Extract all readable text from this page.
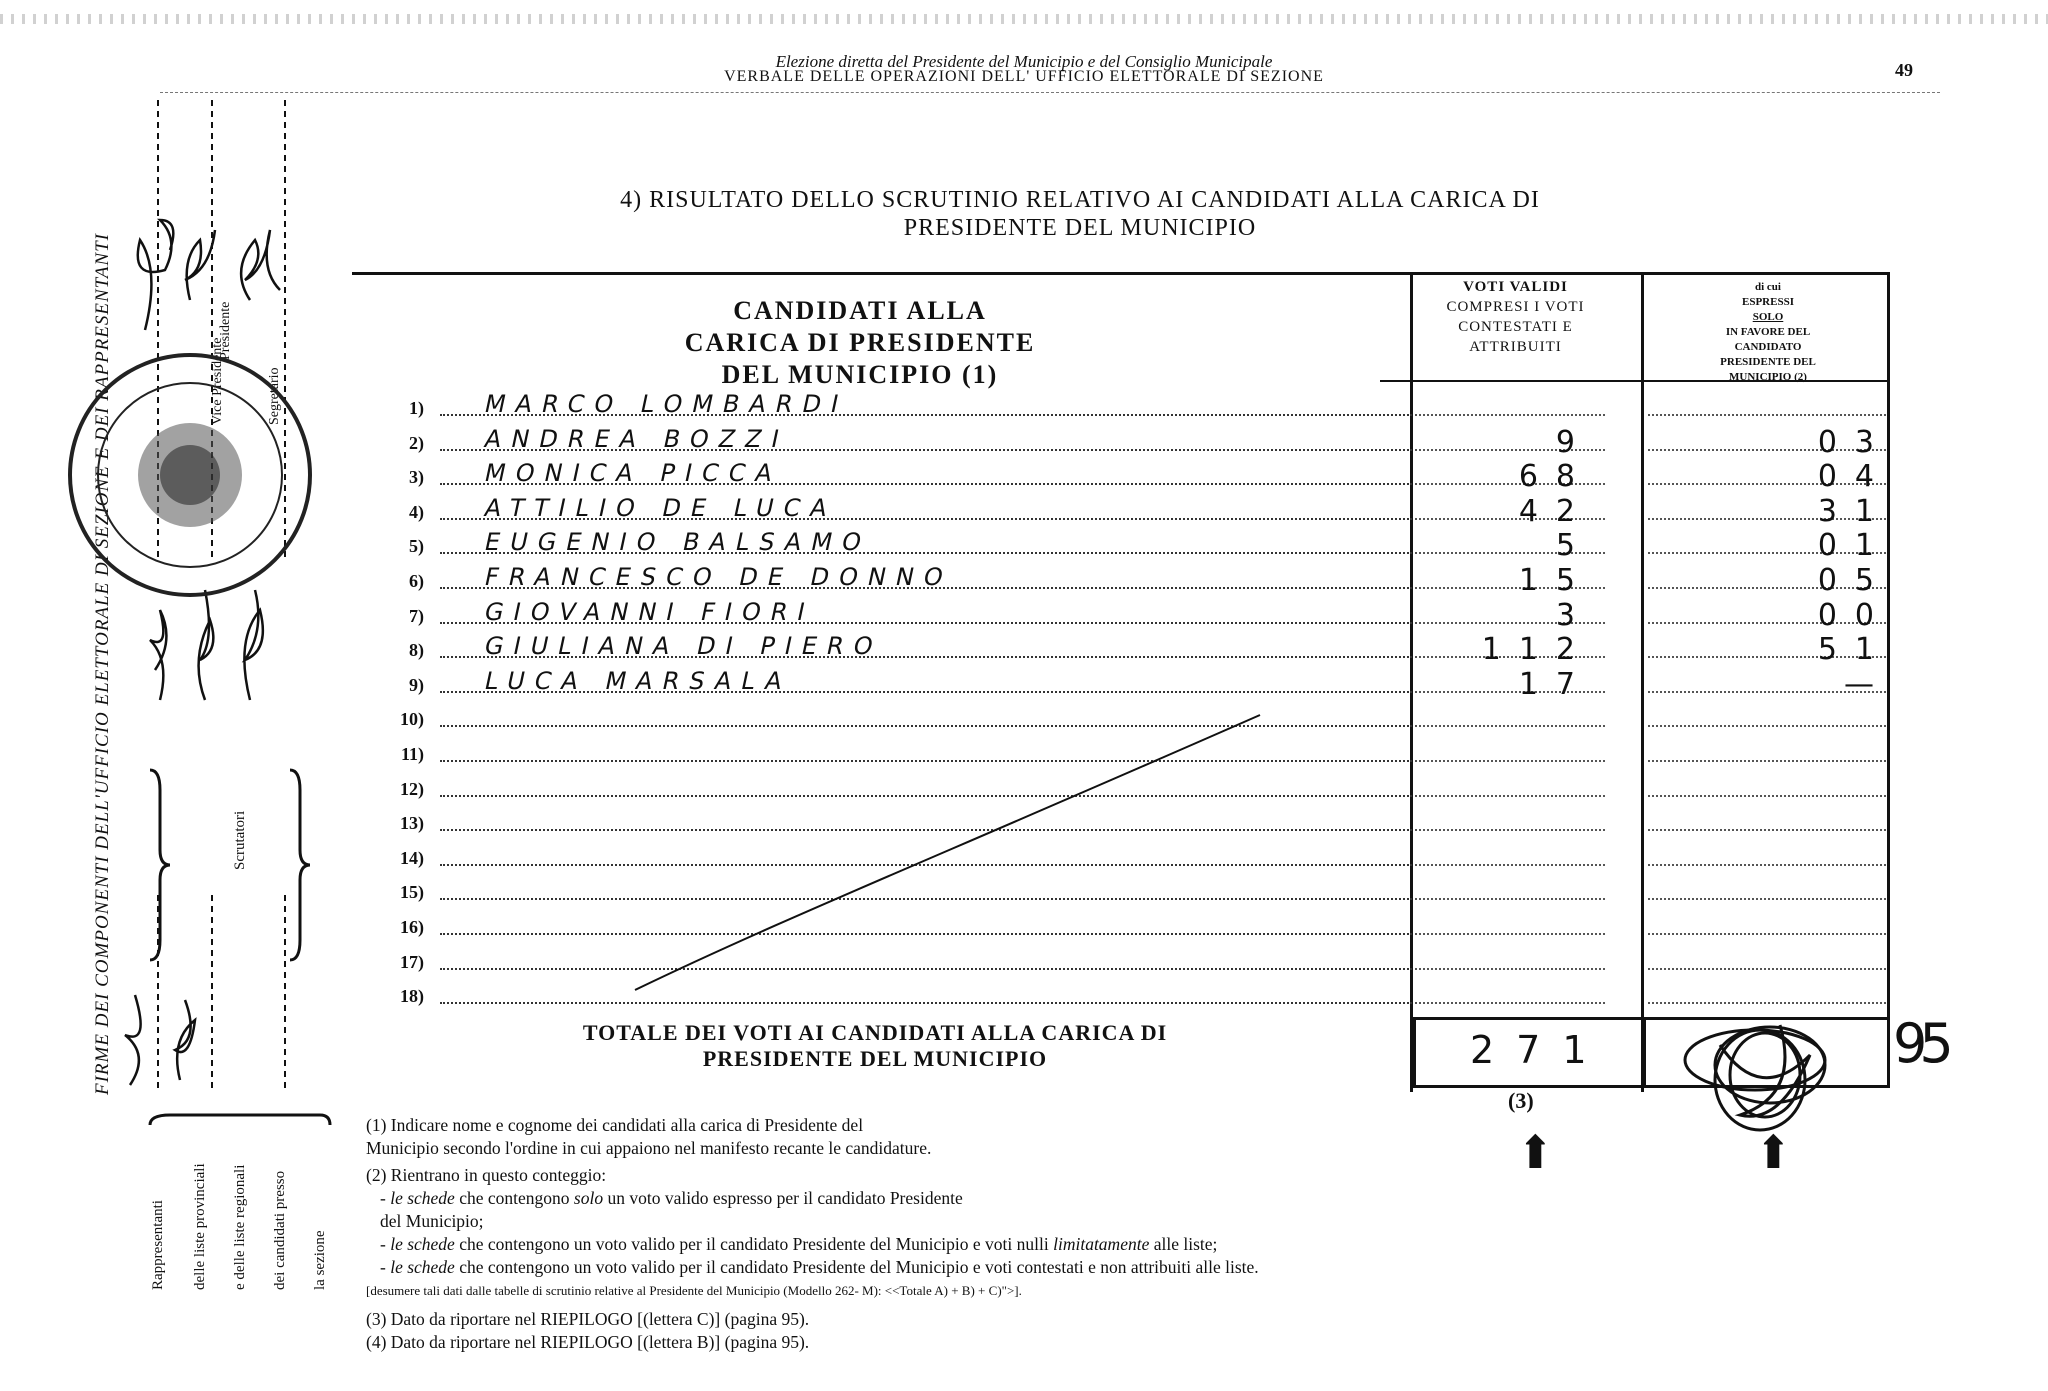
Elezione diretta del Presidente del Municipio e del Consiglio Municipale
VERBALE DELLE OPERAZIONI DELL' UFFICIO ELETTORALE DI SEZIONE	49
FIRME DEI COMPONENTI DELL'UFFICIO ELETTORALE DI SEZIONE E DEI RAPPRESENTANTI	Presidente
Vice Presidente	Segretario
Scrutatori
Rappresentanti delle liste provinciali e delle liste regionali dei candidati presso la sezione
4) RISULTATO DELLO SCRUTINIO RELATIVO AI CANDIDATI ALLA CARICA DI
PRESIDENTE DEL MUNICIPIO
CANDIDATI ALLA
CARICA DI PRESIDENTE
DEL MUNICIPIO (1)
VOTI VALIDI
COMPRESI I VOTI
CONTESTATI E
ATTRIBUITI
di cui
ESPRESSI
SOLO
IN FAVORE DEL
CANDIDATO
PRESIDENTE DEL
MUNICIPIO (2)
1) MARCO LOMBARDI
2) ANDREA BOZZI	9	03
3) MONICA PICCA	68	04
4) ATTILIO DE LUCA	42	31
5) EUGENIO BALSAMO	5	01
6) FRANCESCO DE DONNO	15	05
7) GIOVANNI FIORI	3	00
8) GIULIANA DI PIERO	112	51
9) LUCA MARSALA	17	—
10)
11)
12)
13)
14)
15)
16)
17)
18)
TOTALE DEI VOTI AI CANDIDATI ALLA CARICA DI
PRESIDENTE DEL MUNICIPIO	271	95
(3)
⬆	⬆
(1) Indicare nome e cognome dei candidati alla carica di Presidente del
Municipio secondo l'ordine in cui appaiono nel manifesto recante le candidature.
(2) Rientrano in questo conteggio:
- le schede che contengono solo un voto valido espresso per il candidato Presidente
del Municipio;
- le schede che contengono un voto valido per il candidato Presidente del Municipio e voti nulli limitatamente alle liste;
- le schede che contengono un voto valido per il candidato Presidente del Municipio e voti contestati e non attribuiti alle liste.
[desumere tali dati dalle tabelle di scrutinio relative al Presidente del Municipio (Modello 262- M): <<Totale A) + B) + C)">].
(3) Dato da riportare nel RIEPILOGO [(lettera C)] (pagina 95).
(4) Dato da riportare nel RIEPILOGO [(lettera B)] (pagina 95).
